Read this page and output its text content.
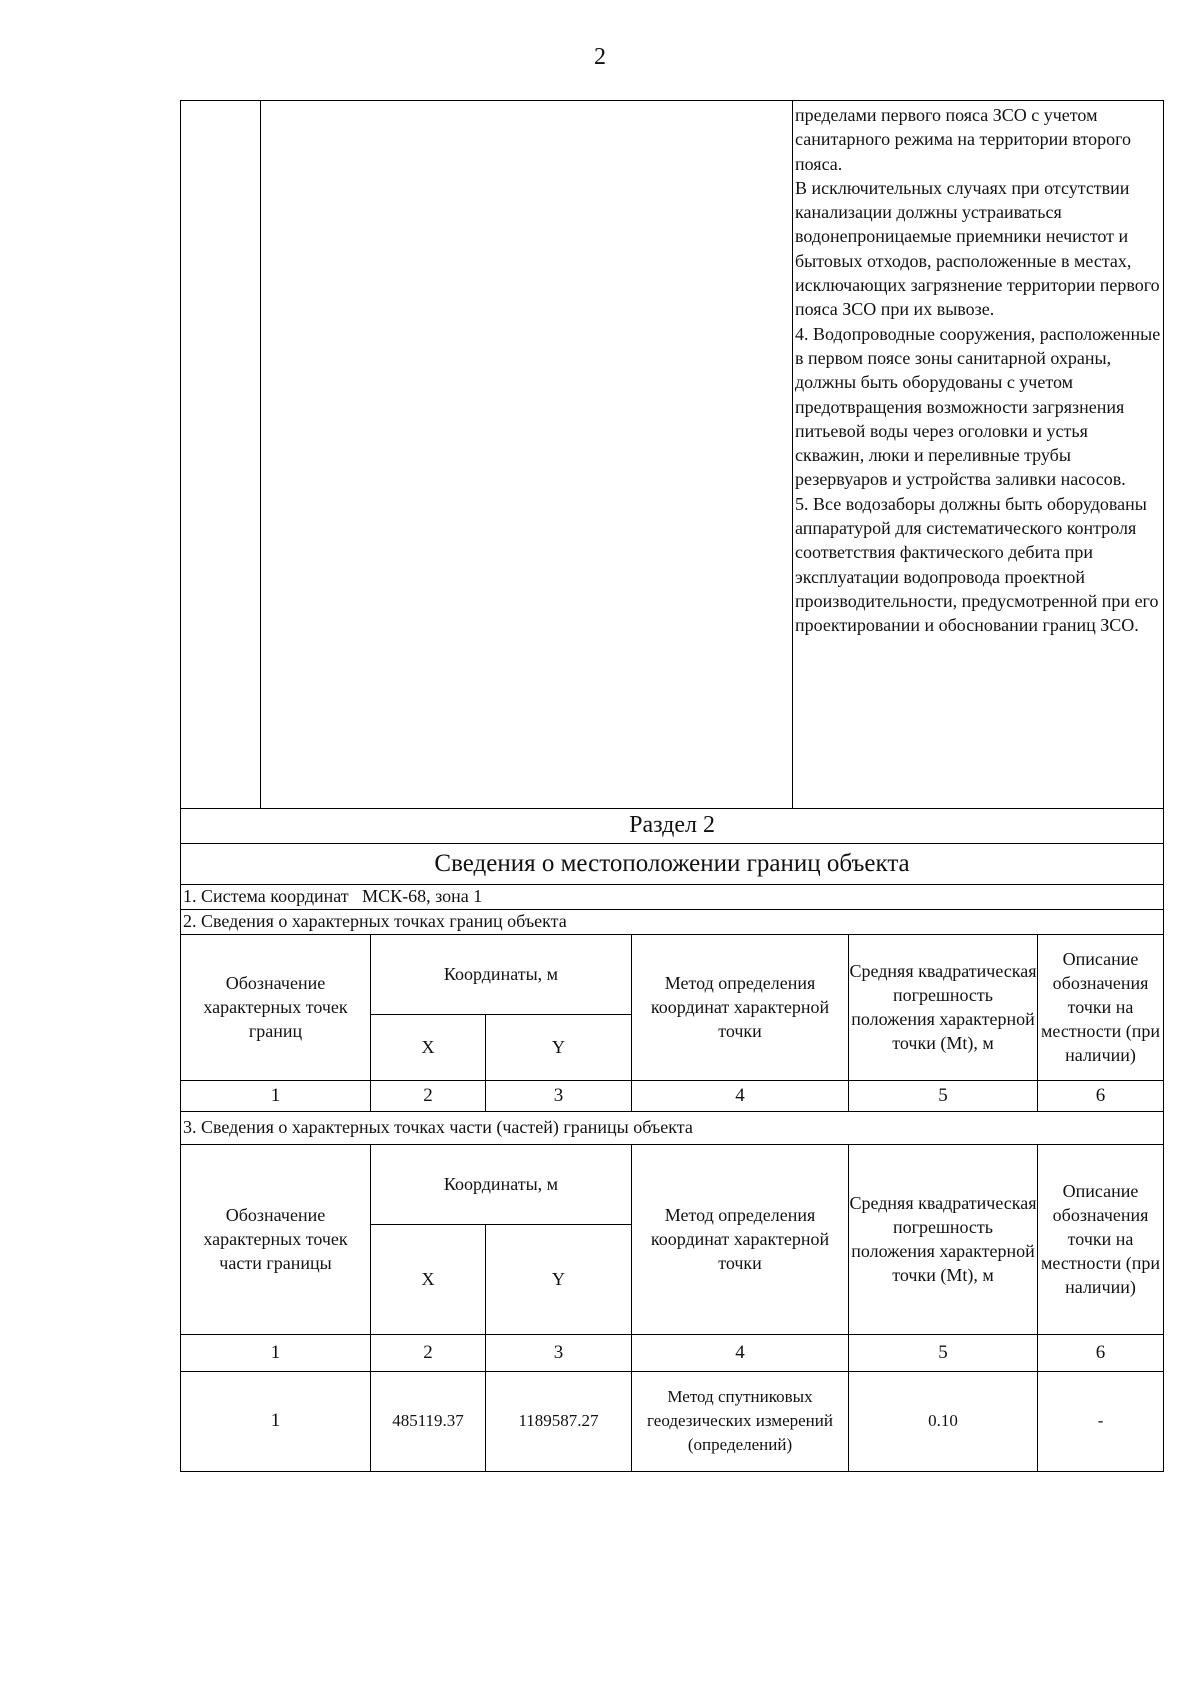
2

пределами первого пояса ЗСО с учетом санитарного режима на территории второго пояса.

В исключительных случаях при отсутствии канализации должны устраиваться водонепроницаемые приемники нечистот и бытовых отходов, расположенные в местах, исключающих загрязнение территории первого пояса ЗСО при их вывозе.

4. Водопроводные сооружения, расположенные в первом поясе зоны санитарной охраны, должны быть оборудованы с учетом предотвращения возможности загрязнения питьевой воды через оголовки и устья скважин, люки и переливные трубы резервуаров и устройства заливки насосов.

5. Все водозаборы должны быть оборудованы аппаратурой для систематического контроля соответствия фактического дебита при эксплуатации водопровода проектной производительности, предусмотренной при его проектировании и обосновании границ ЗСО.

Раздел 2					
Сведения о местоположении границ объекта					
1. Система координат МСК-68, зона 1					
2. Сведения о характерных точках границ объекта					
Обозначение характерных точек границ	Координаты, м		Метод определения координат характерной точки	Средняя квадратическая погрешность положения характерной точки (Mt), м	Описание обозначения точки на местности (при наличии)
	X	Y			
1	2	3	4	5	6
3. Сведения о характерных точках части (частей) границы объекта					
Обозначение характерных точек части границы	Координаты, м		Метод определения координат характерной точки	Средняя квадратическая погрешность положения характерной точки (Mt), м	Описание обозначения точки на местности (при наличии)
	X	Y			
1	2	3	4	5	6
1	485119.37	1189587.27	Метод спутниковых геодезических измерений (определений)	0.10	-
